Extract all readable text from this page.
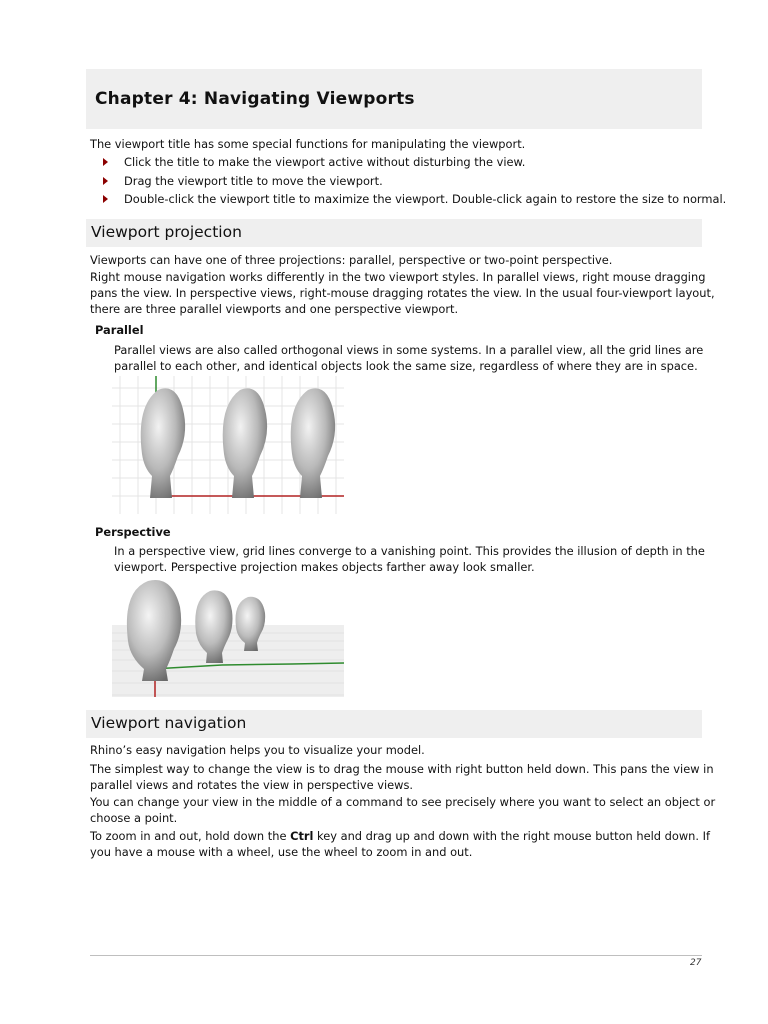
Chapter 4: Navigating Viewports

The viewport title has some special functions for manipulating the viewport.

Click the title to make the viewport active without disturbing the view.
Drag the viewport title to move the viewport.
Double-click the viewport title to maximize the viewport. Double-click again to restore the size to normal.
Viewport projection

Viewports can have one of three projections: parallel, perspective or two-point perspective.

Right mouse navigation works differently in the two viewport styles. In parallel views, right mouse dragging

pans the view. In perspective views, right-mouse dragging rotates the view. In the usual four-viewport layout,

there are three parallel viewports and one perspective viewport.

Parallel

Parallel views are also called orthogonal views in some systems. In a parallel view, all the grid lines are

parallel to each other, and identical objects look the same size, regardless of where they are in space.

Perspective

In a perspective view, grid lines converge to a vanishing point. This provides the illusion of depth in the

viewport. Perspective projection makes objects farther away look smaller.

Viewport navigation

Rhino’s easy navigation helps you to visualize your model.

The simplest way to change the view is to drag the mouse with right button held down. This pans the view in

parallel views and rotates the view in perspective views.

You can change your view in the middle of a command to see precisely where you want to select an object or

choose a point.

To zoom in and out, hold down the Ctrl key and drag up and down with the right mouse button held down. If

you have a mouse with a wheel, use the wheel to zoom in and out.

27
